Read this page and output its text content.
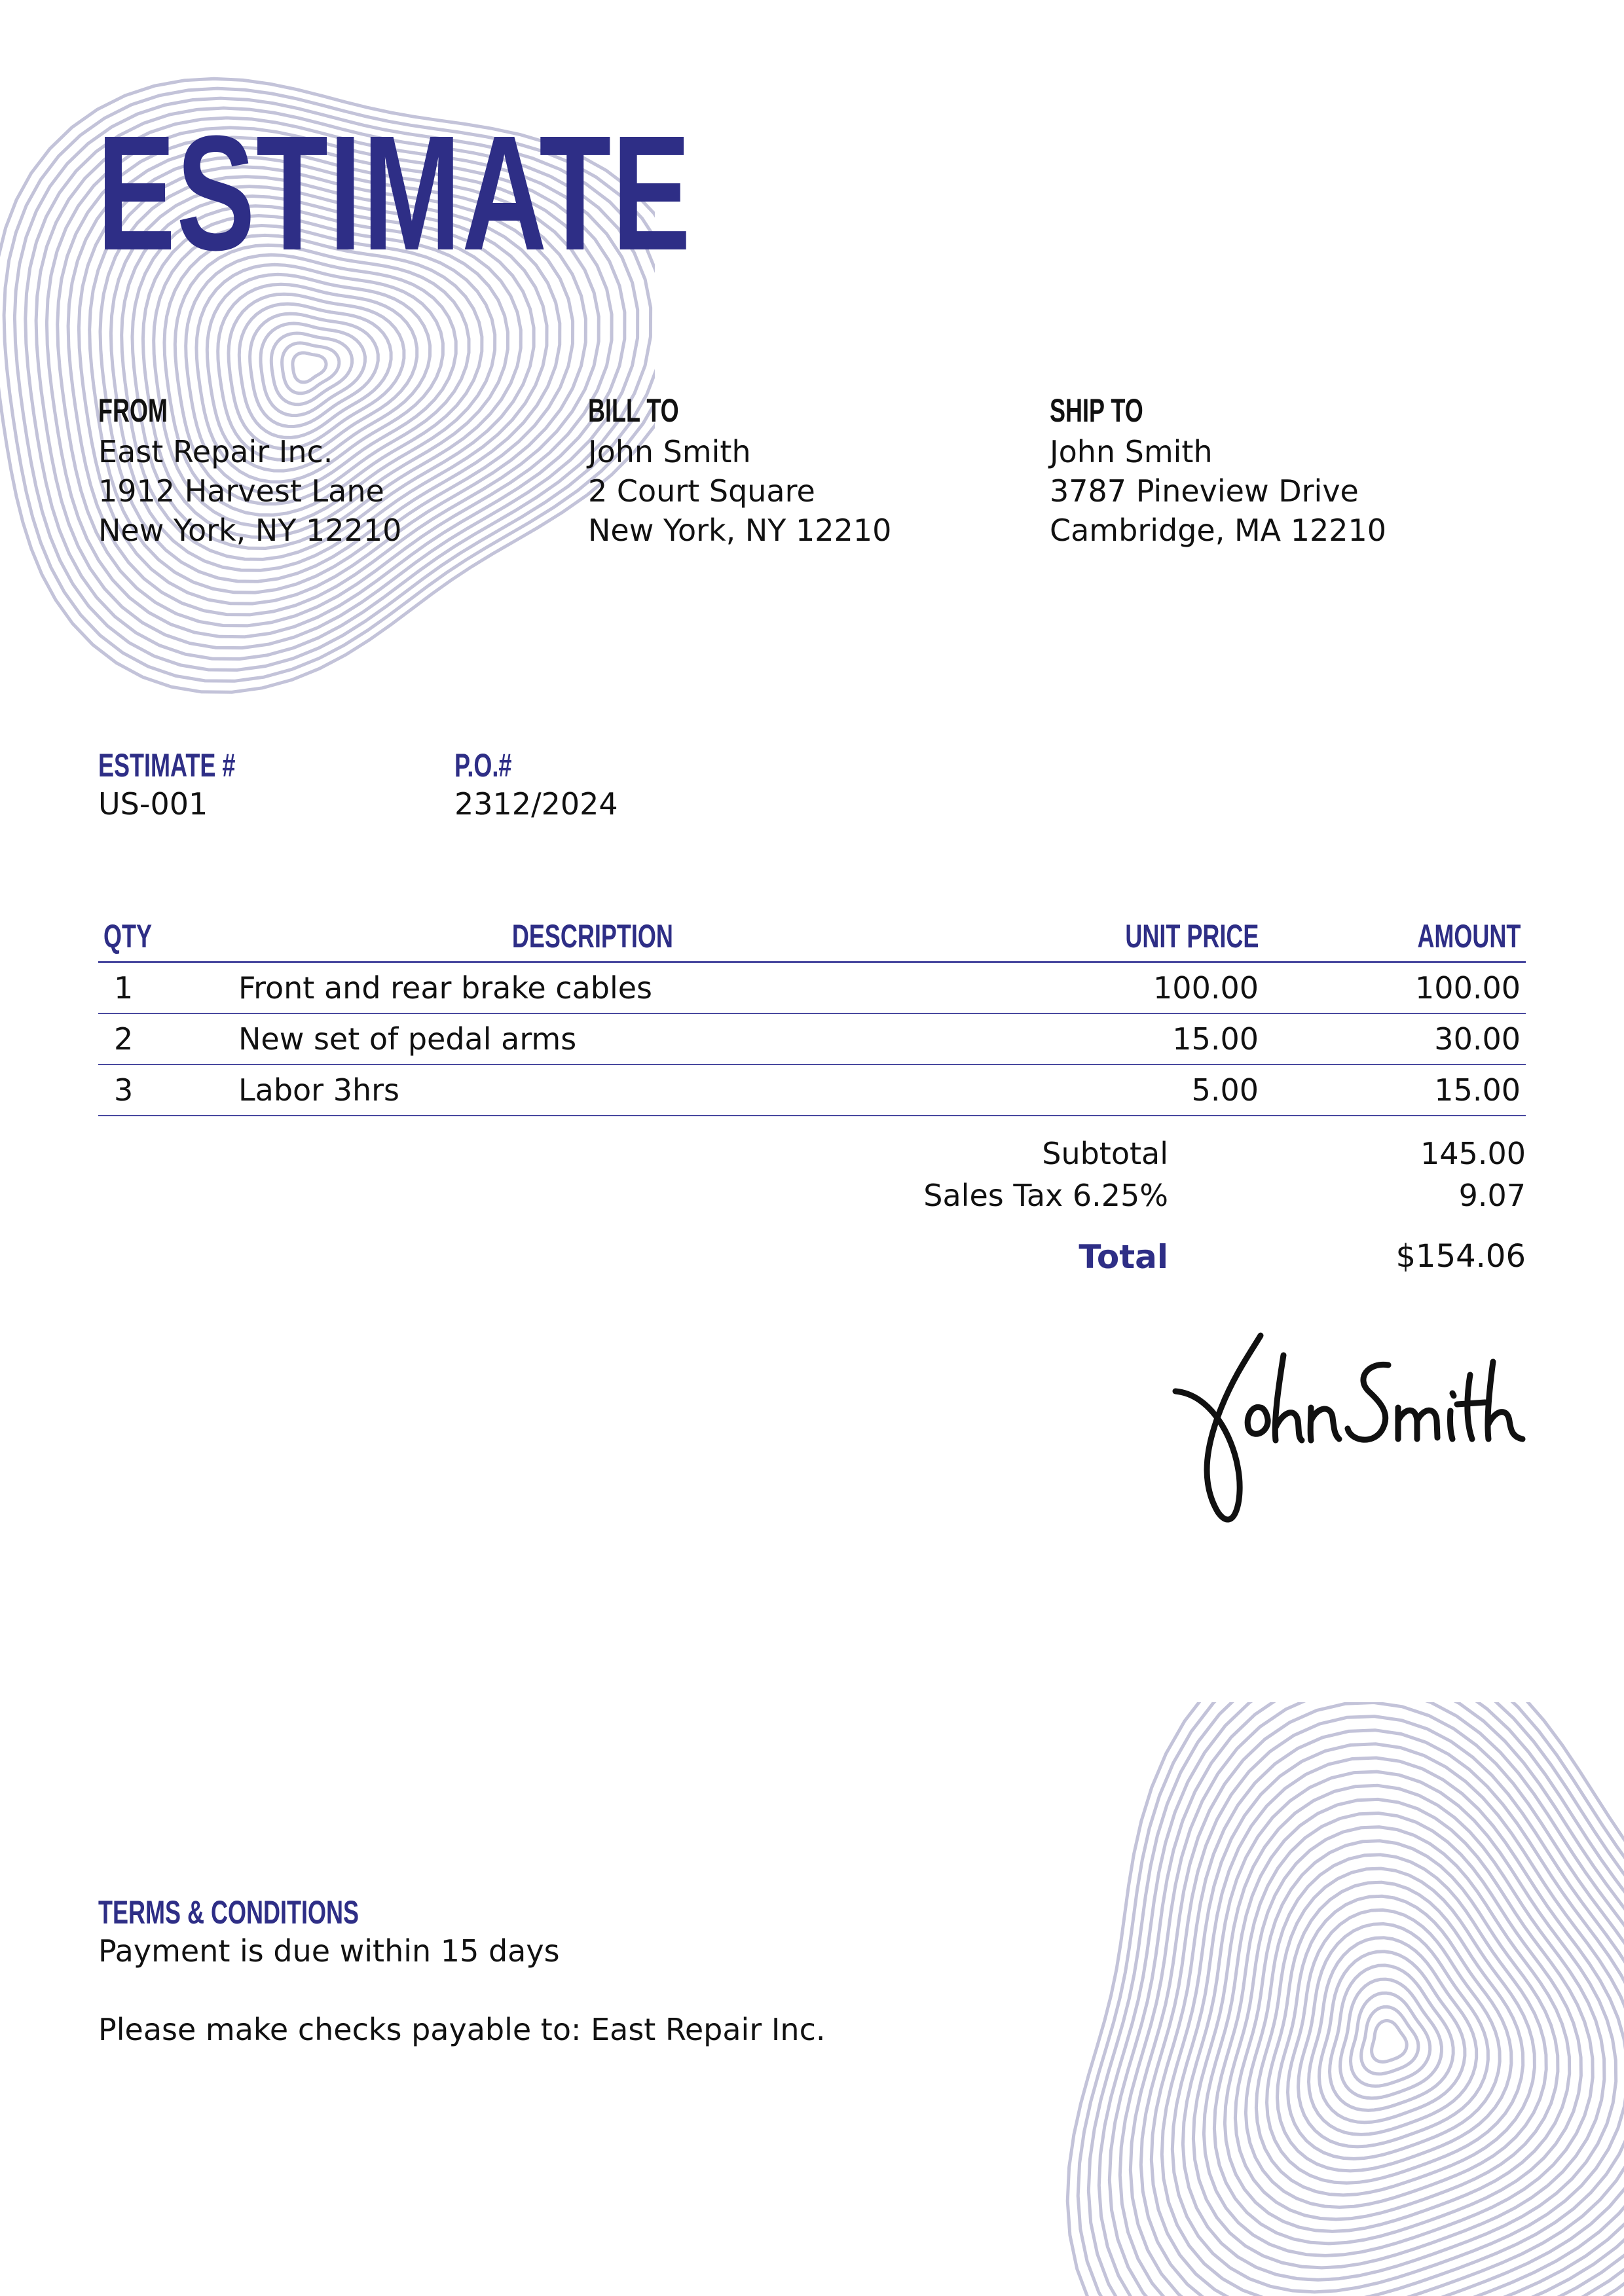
ESTIMATE
FROM
East Repair Inc.
1912 Harvest Lane
New York, NY 12210
BILL TO
John Smith
2 Court Square
New York, NY 12210
SHIP TO
John Smith
3787 Pineview Drive
Cambridge, MA 12210
ESTIMATE #
US-001
P.O.#
2312/2024
QTY	DESCRIPTION	UNIT PRICE	AMOUNT
1	Front and rear brake cables	100.00	100.00
2	New set of pedal arms	15.00	30.00
3	Labor 3hrs	5.00	15.00
Subtotal	145.00
Sales Tax 6.25%	9.07
Total	$154.06
TERMS & CONDITIONS
Payment is due within 15 days
Please make checks payable to: East Repair Inc.
